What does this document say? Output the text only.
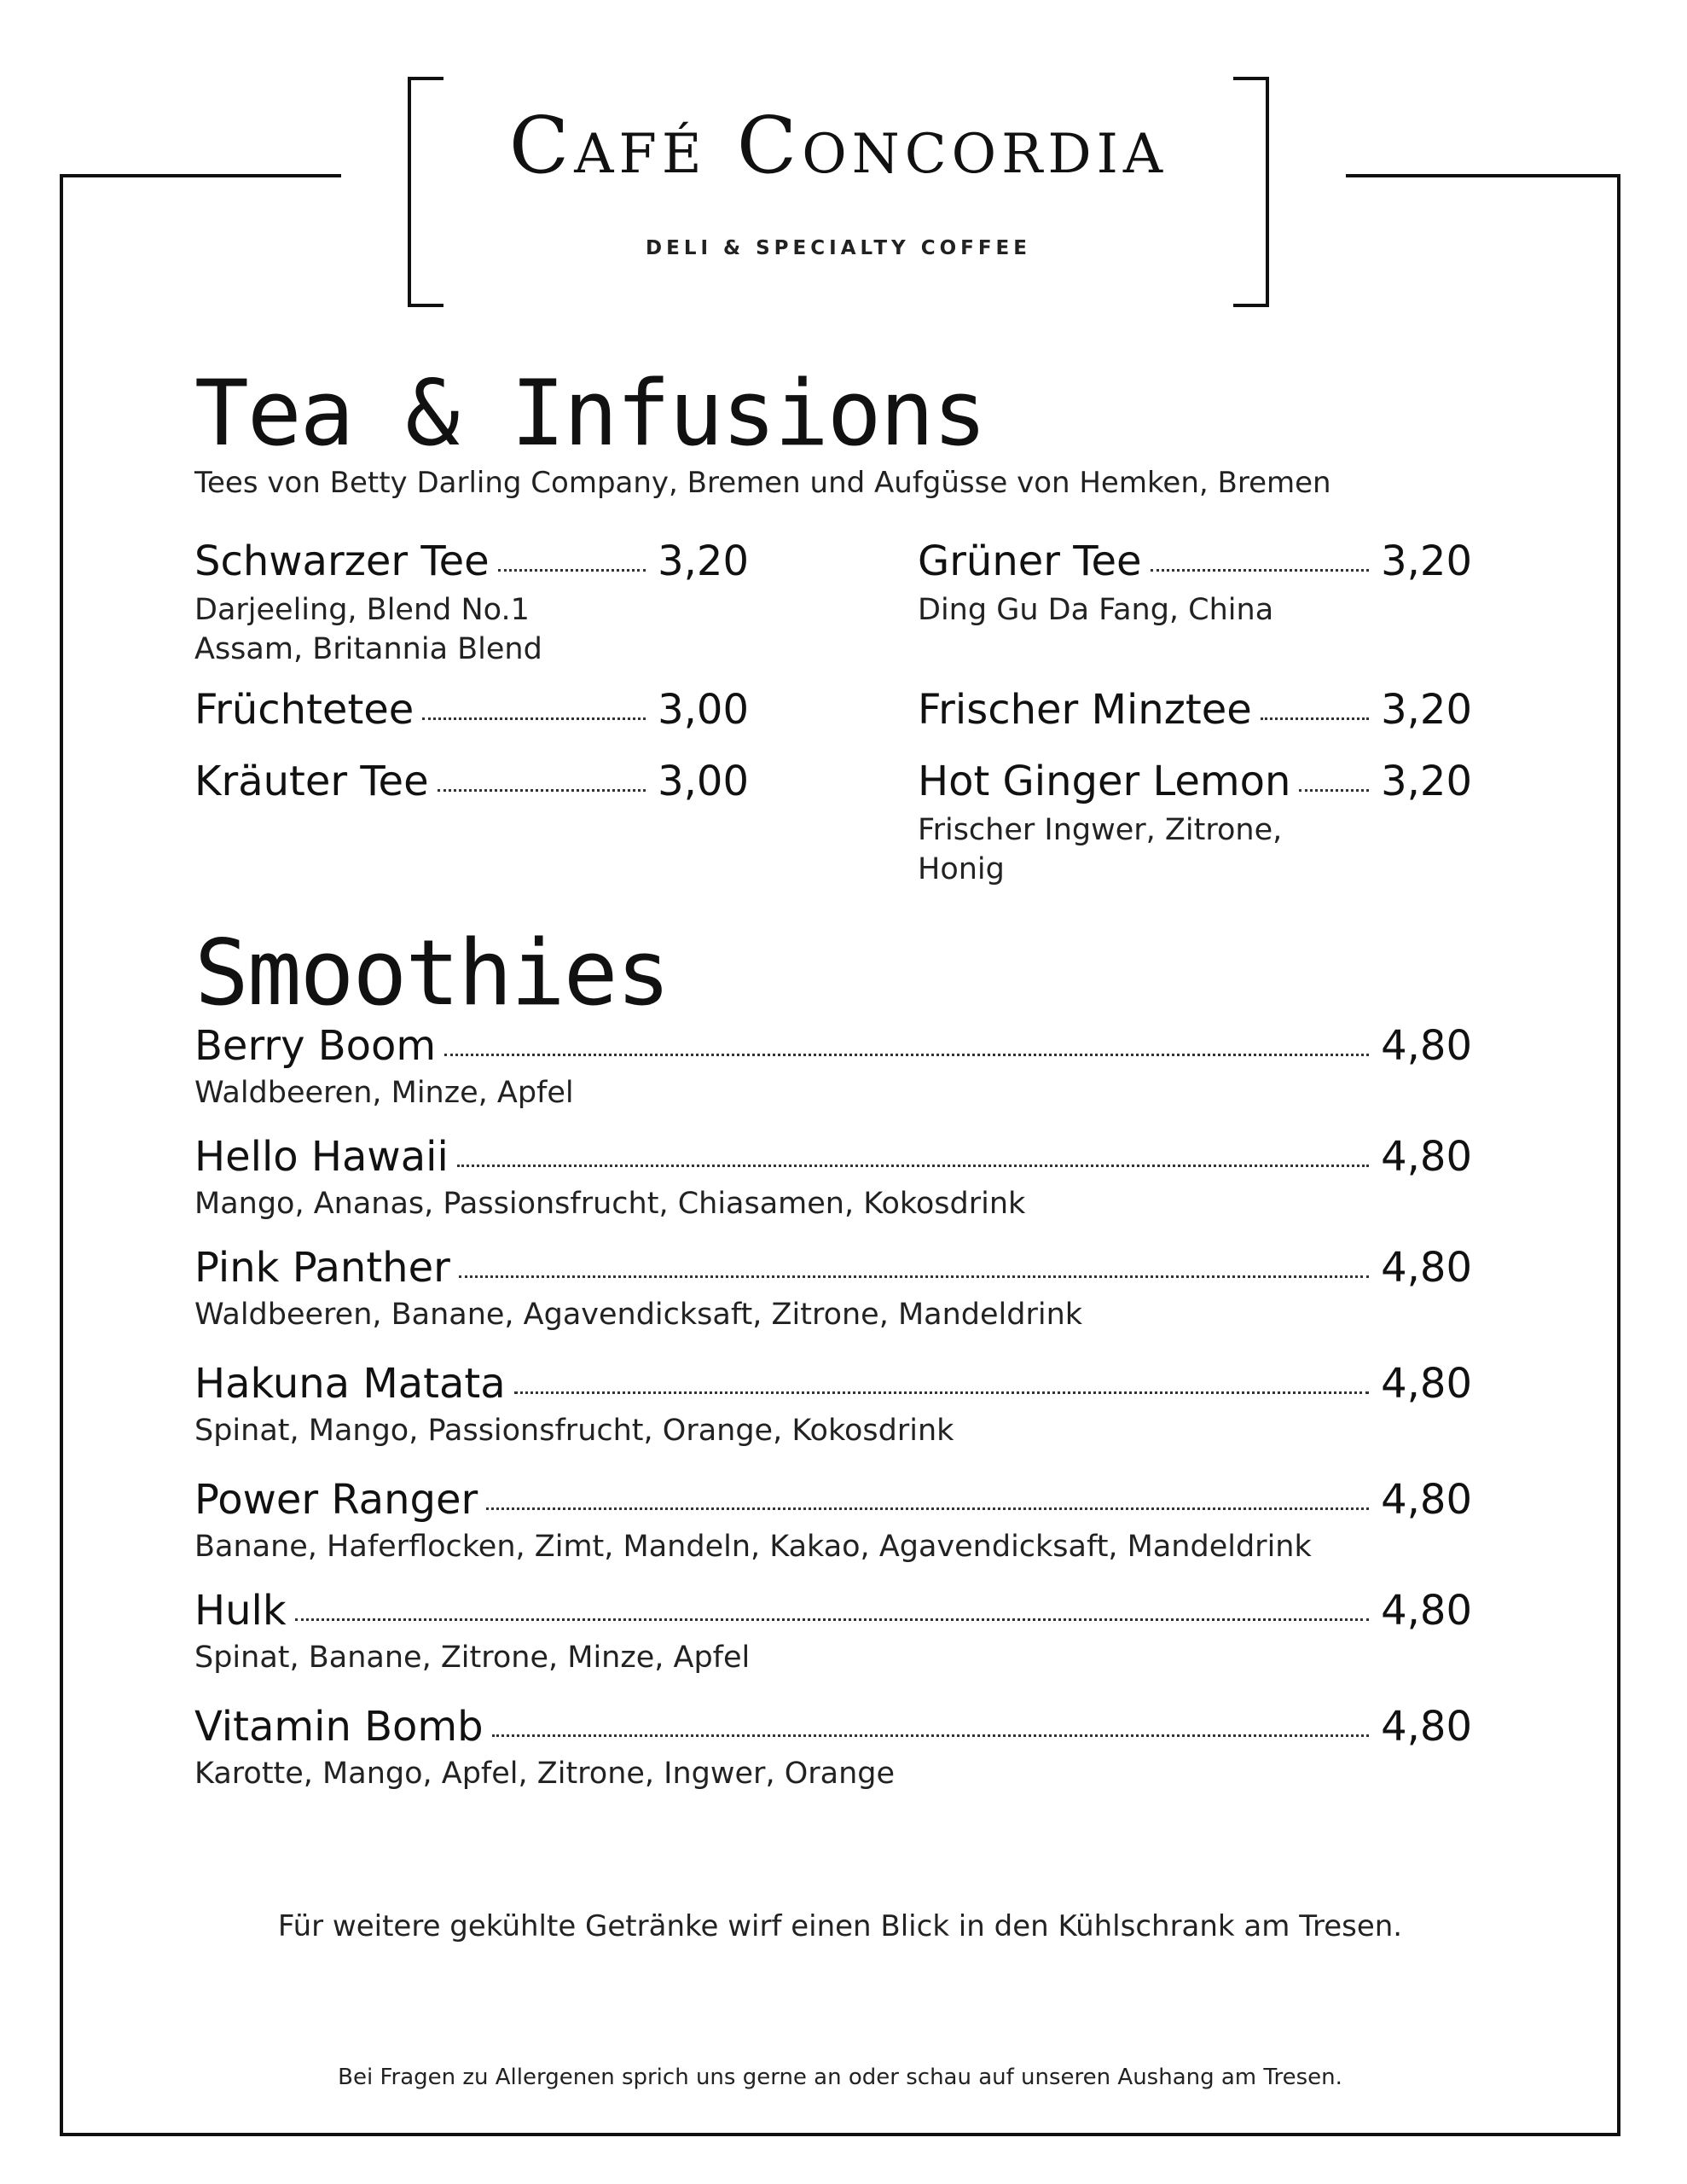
Café Concordia
DELI & SPECIALTY COFFEE
Tea & Infusions
Tees von Betty Darling Company, Bremen und Aufgüsse von Hemken, Bremen
Schwarzer Tee	3,20
Darjeeling, Blend No.1
Assam, Britannia Blend
Früchtetee	3,00
Kräuter Tee	3,00
Grüner Tee	3,20
Ding Gu Da Fang, China
Frischer Minztee	3,20
Hot Ginger Lemon 3,20
Frischer Ingwer, Zitrone,
Honig
Smoothies
Berry Boom	4,80
Waldbeeren, Minze, Apfel
Hello Hawaii	4,80
Mango, Ananas, Passionsfrucht, Chiasamen, Kokosdrink
Pink Panther	4,80
Waldbeeren, Banane, Agavendicksaft, Zitrone, Mandeldrink
Hakuna Matata	4,80
Spinat, Mango, Passionsfrucht, Orange, Kokosdrink
Power Ranger	4,80
Banane, Haferflocken, Zimt, Mandeln, Kakao, Agavendicksaft, Mandeldrink
Hulk	4,80
Spinat, Banane, Zitrone, Minze, Apfel
Vitamin Bomb	4,80
Karotte, Mango, Apfel, Zitrone, Ingwer, Orange
Für weitere gekühlte Getränke wirf einen Blick in den Kühlschrank am Tresen.
Bei Fragen zu Allergenen sprich uns gerne an oder schau auf unseren Aushang am Tresen.
